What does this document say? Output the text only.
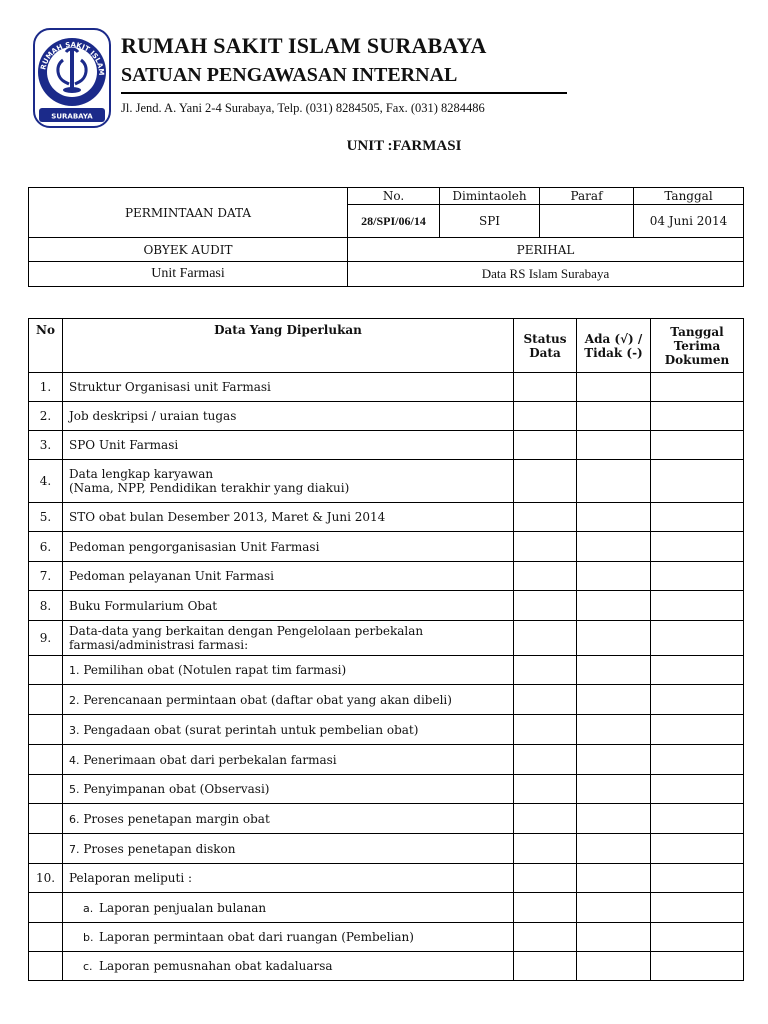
RUMAH SAKIT ISLAM
SURABAYA
RUMAH SAKIT ISLAM SURABAYA
SATUAN PENGAWASAN INTERNAL
Jl. Jend. A. Yani 2-4 Surabaya, Telp. (031) 8284505, Fax. (031) 8284486
UNIT :FARMASI
PERMINTAAN DATA	No.	Dimintaoleh	Paraf	Tanggal
	28/SPI/06/14	SPI		04 Juni 2014
OBYEK AUDIT	PERIHAL			
Unit Farmasi	Data RS Islam Surabaya			
No	Data Yang Diperlukan	Status Data	Ada (√) / Tidak (-)	Tanggal Terima Dokumen
1.	Struktur Organisasi unit Farmasi			
2.	Job deskripsi / uraian tugas			
3.	SPO Unit Farmasi			
4.	Data lengkap karyawan
(Nama, NPP, Pendidikan terakhir yang diakui)			
5.	STO obat bulan Desember 2013, Maret & Juni 2014			
6.	Pedoman pengorganisasian Unit Farmasi			
7.	Pedoman pelayanan Unit Farmasi			
8.	Buku Formularium Obat			
9.	Data-data yang berkaitan dengan Pengelolaan perbekalan
farmasi/administrasi farmasi:			
	1. Pemilihan obat (Notulen rapat tim farmasi)			
	2. Perencanaan permintaan obat (daftar obat yang akan dibeli)			
	3. Pengadaan obat (surat perintah untuk pembelian obat)			
	4. Penerimaan obat dari perbekalan farmasi			
	5. Penyimpanan obat (Observasi)			
	6. Proses penetapan margin obat			
	7. Proses penetapan diskon			
10.	Pelaporan meliputi :			
	a. Laporan penjualan bulanan			
	b. Laporan permintaan obat dari ruangan (Pembelian)			
	c. Laporan pemusnahan obat kadaluarsa			
